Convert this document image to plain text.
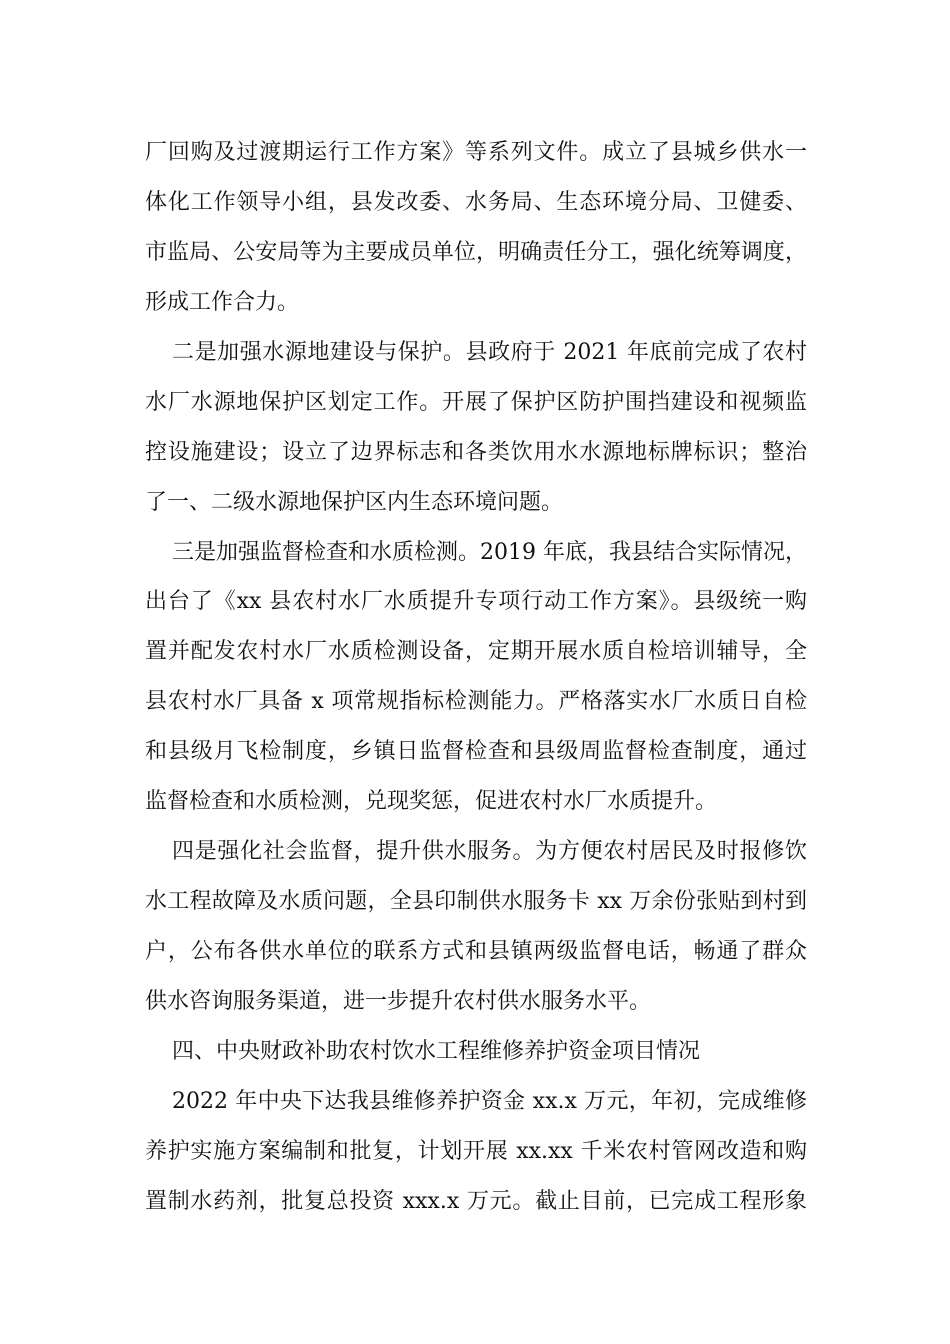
厂回购及过渡期运行工作方案》等系列文件。成立了县城乡供水一
体化工作领导小组，县发改委、水务局、生态环境分局、卫健委、
市监局、公安局等为主要成员单位，明确责任分工，强化统筹调度，
形成工作合力。
二是加强水源地建设与保护。县政府于 2021 年底前完成了农村
水厂水源地保护区划定工作。开展了保护区防护围挡建设和视频监
控设施建设；设立了边界标志和各类饮用水水源地标牌标识；整治
了一、二级水源地保护区内生态环境问题。
三是加强监督检查和水质检测。2019 年底，我县结合实际情况，
出台了《xx 县农村水厂水质提升专项行动工作方案》。县级统一购
置并配发农村水厂水质检测设备，定期开展水质自检培训辅导，全
县农村水厂具备 x 项常规指标检测能力。严格落实水厂水质日自检
和县级月飞检制度，乡镇日监督检查和县级周监督检查制度，通过
监督检查和水质检测，兑现奖惩，促进农村水厂水质提升。
四是强化社会监督，提升供水服务。为方便农村居民及时报修饮
水工程故障及水质问题，全县印制供水服务卡 xx 万余份张贴到村到
户，公布各供水单位的联系方式和县镇两级监督电话，畅通了群众
供水咨询服务渠道，进一步提升农村供水服务水平。
四、中央财政补助农村饮水工程维修养护资金项目情况
2022 年中央下达我县维修养护资金 xx.x 万元，年初，完成维修
养护实施方案编制和批复，计划开展 xx.xx 千米农村管网改造和购
置制水药剂，批复总投资 xxx.x 万元。截止目前，已完成工程形象
